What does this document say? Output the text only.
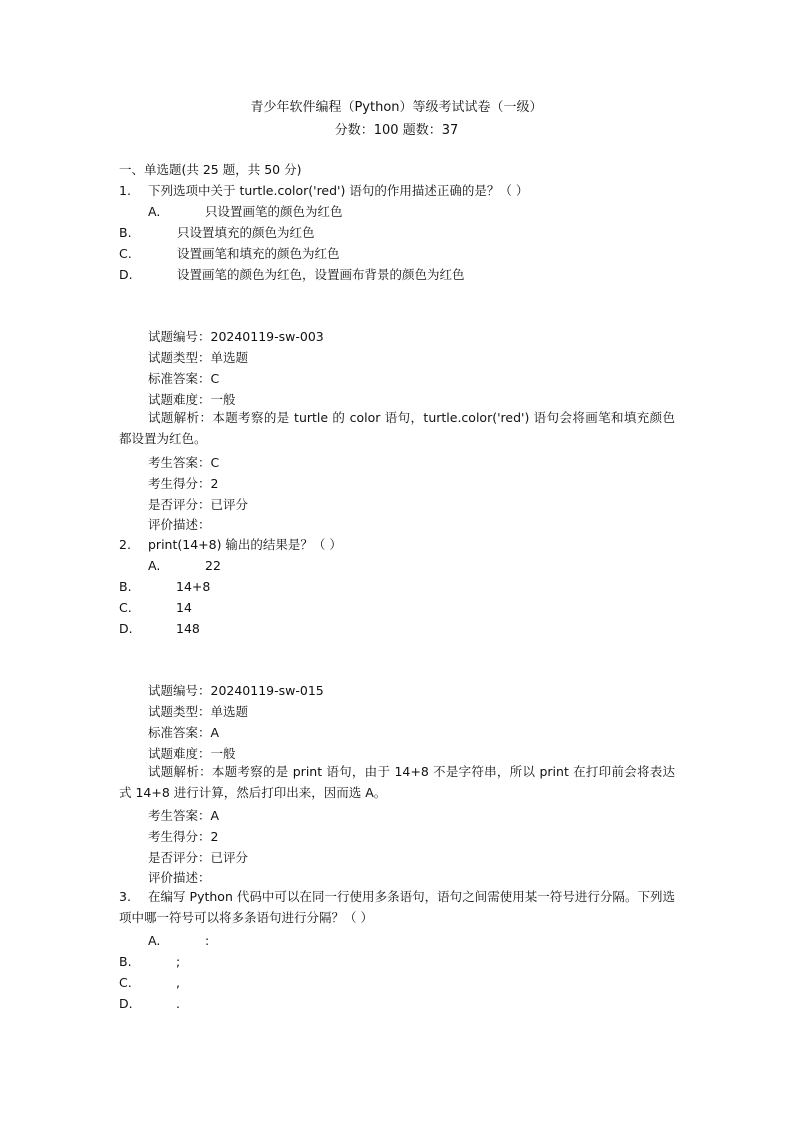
青少年软件编程（Python）等级考试试卷（一级）
分数：100 题数：37
一、单选题(共 25 题，共 50 分)
1. 下列选项中关于 turtle.color('red') 语句的作用描述正确的是？（ ）
A.	只设置画笔的颜色为红色
B.	只设置填充的颜色为红色
C.	设置画笔和填充的颜色为红色
D.	设置画笔的颜色为红色，设置画布背景的颜色为红色
试题编号：20240119-sw-003
试题类型：单选题
标准答案：C
试题难度：一般
试题解析：本题考察的是 turtle 的 color 语句，turtle.color('red') 语句会将画笔和填充颜色都设置为红色。
考生答案：C
考生得分：2
是否评分：已评分
评价描述：
2. print(14+8) 输出的结果是？（ ）
A.	22
B.	14+8
C.	14
D.	148
试题编号：20240119-sw-015
试题类型：单选题
标准答案：A
试题难度：一般
试题解析：本题考察的是 print 语句，由于 14+8 不是字符串，所以 print 在打印前会将表达式 14+8 进行计算，然后打印出来，因而选 A。
考生答案：A
考生得分：2
是否评分：已评分
评价描述：
3.	在编写 Python 代码中可以在同一行使用多条语句，语句之间需使用某一符号进行分隔。下列选项中哪一符号可以将多条语句进行分隔？（ ）
A.	:
B.	;
C.	,
D.	.
